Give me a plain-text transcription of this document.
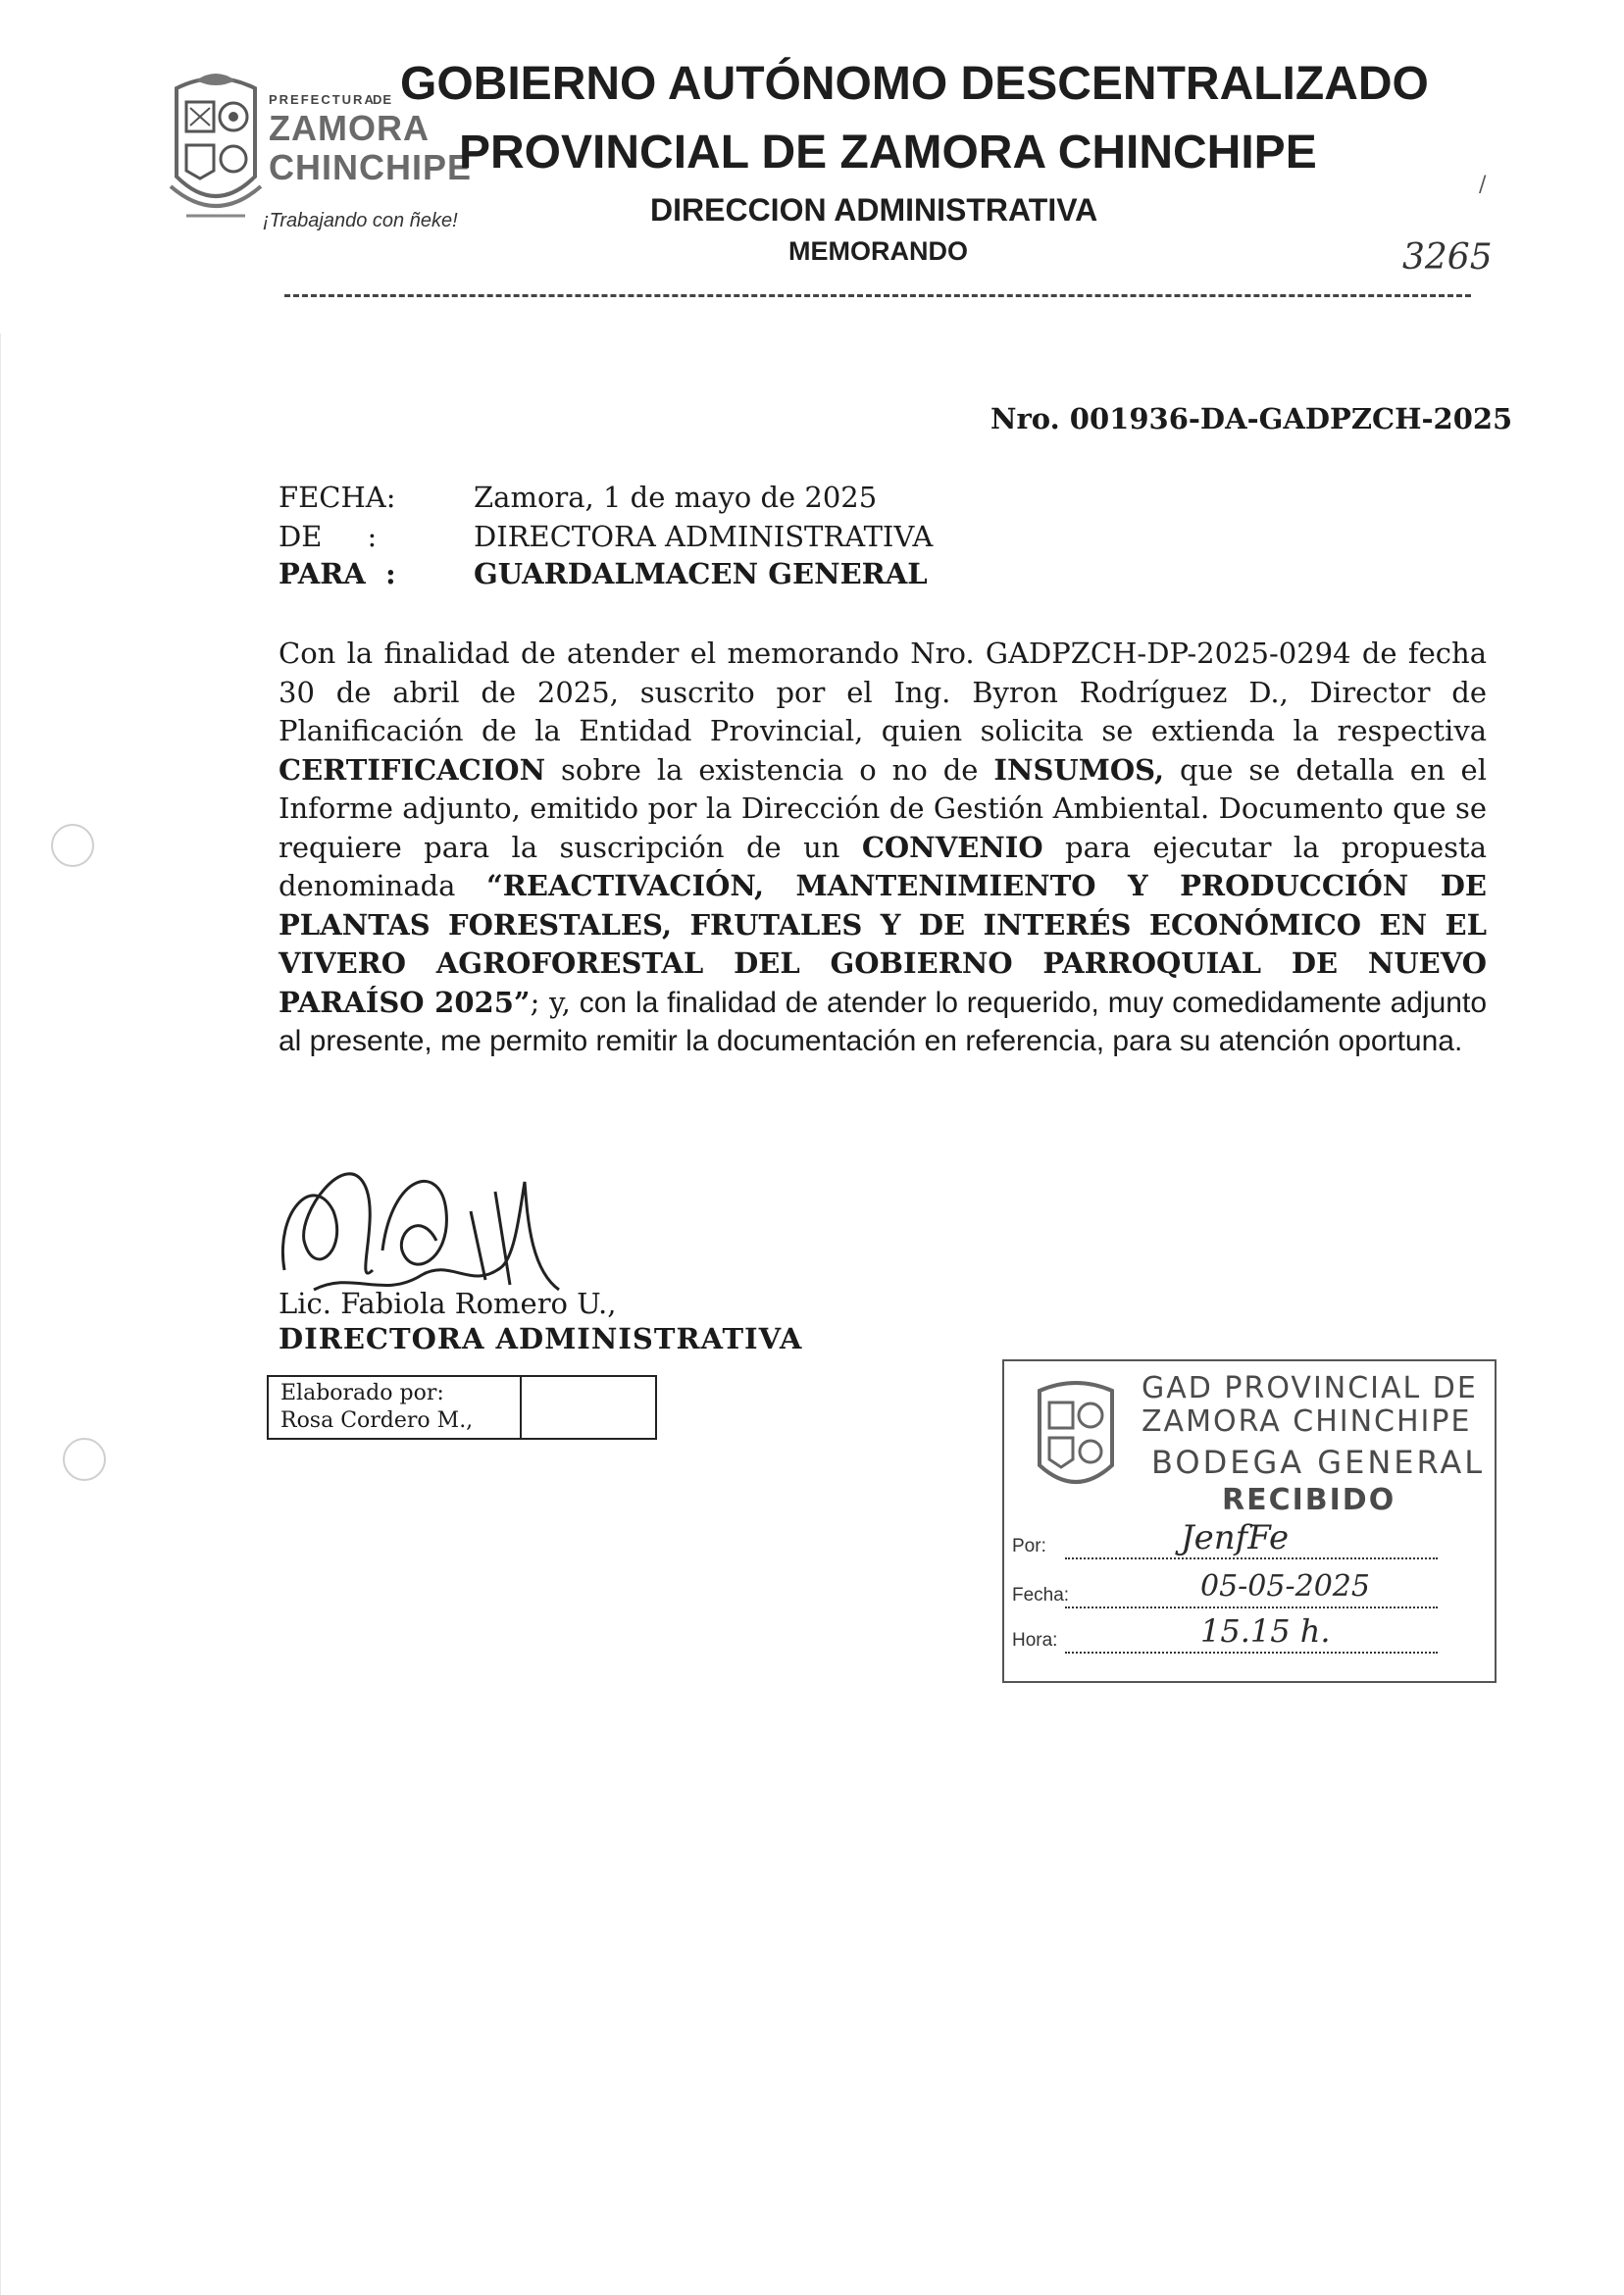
PREFECTURA
DE
ZAMORA
CHINCHIPE
¡Trabajando con ñeke!
GOBIERNO AUTÓNOMO DESCENTRALIZADO
PROVINCIAL DE ZAMORA CHINCHIPE
DIRECCION ADMINISTRATIVA
MEMORANDO
/
3265
Nro. 001936-DA-GADPZCH-2025
FECHA:	Zamora, 1 de mayo de 2025
DE     :	DIRECTORA ADMINISTRATIVA
PARA  :	GUARDALMACEN GENERAL
Con la finalidad de atender el memorando Nro. GADPZCH-DP-2025-0294 de fecha 30 de abril de 2025, suscrito por el Ing. Byron Rodríguez D., Director de Planificación de la Entidad Provincial, quien solicita se extienda la respectiva CERTIFICACION sobre la existencia o no de INSUMOS, que se detalla en el Informe adjunto, emitido por la Dirección de Gestión Ambiental. Documento que se requiere para la suscripción de un CONVENIO para ejecutar la propuesta denominada “REACTIVACIÓN, MANTENIMIENTO Y PRODUCCIÓN DE PLANTAS FORESTALES, FRUTALES Y DE INTERÉS ECONÓMICO EN EL VIVERO AGROFORESTAL DEL GOBIERNO PARROQUIAL DE NUEVO PARAÍSO 2025”; y, con la finalidad de atender lo requerido, muy comedidamente adjunto al presente, me permito remitir la documentación en referencia, para su atención oportuna.
Lic. Fabiola Romero U.,
DIRECTORA ADMINISTRATIVA
Elaborado por:
Rosa Cordero M.,
GAD PROVINCIAL DE
ZAMORA CHINCHIPE
BODEGA GENERAL
RECIBIDO
Por:	JenfFe
Fecha:	05-05-2025
Hora:	15.15 h.
